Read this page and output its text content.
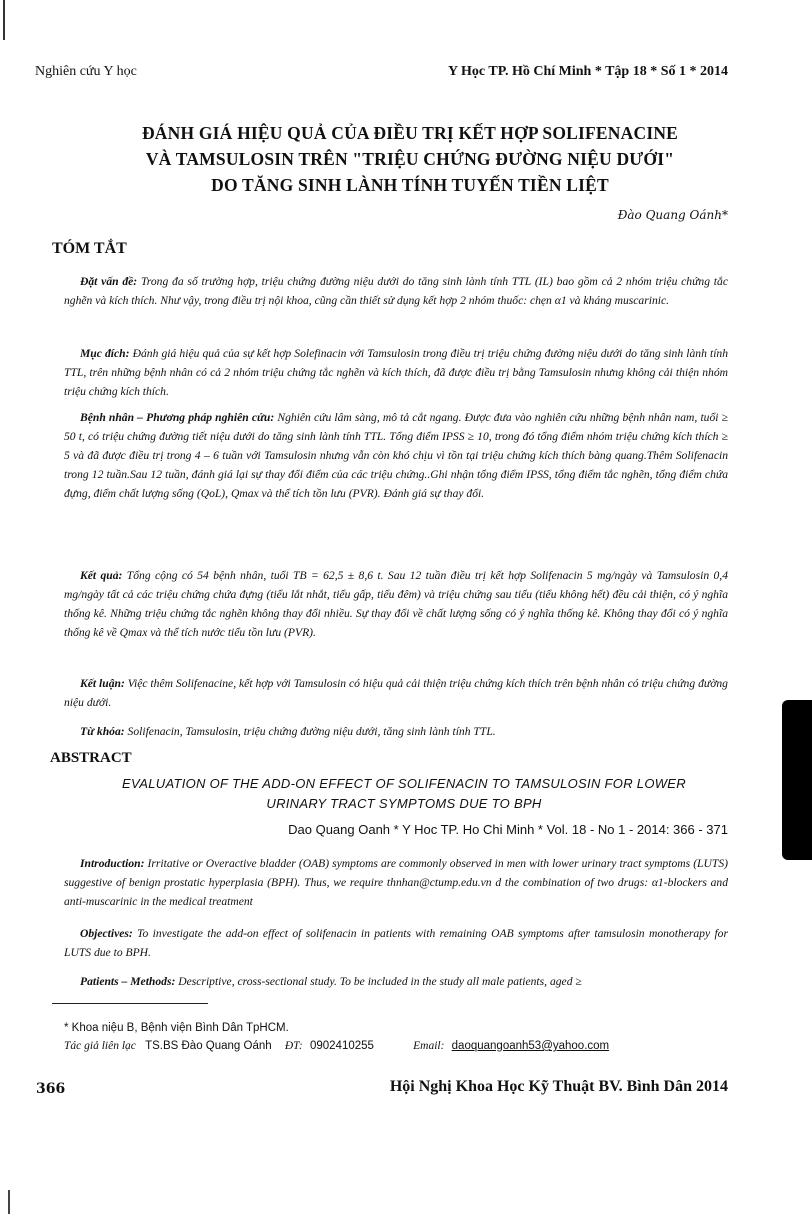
Nghiên cứu Y học	Y Học TP. Hồ Chí Minh * Tập 18 * Số 1 * 2014
ĐÁNH GIÁ HIỆU QUẢ CỦA ĐIỀU TRỊ KẾT HỢP SOLIFENACINE
VÀ TAMSULOSIN TRÊN "TRIỆU CHỨNG ĐƯỜNG NIỆU DƯỚI"
DO TĂNG SINH LÀNH TÍNH TUYẾN TIỀN LIỆT
Đào Quang Oánh*
TÓM TẮT
Đặt vấn đề: Trong đa số trường hợp, triệu chứng đường niệu dưới do tăng sinh lành tính TTL (IL) bao gồm cả 2 nhóm triệu chứng tắc nghẽn và kích thích. Như vậy, trong điều trị nội khoa, cũng cần thiết sử dụng kết hợp 2 nhóm thuốc: chẹn α1 và kháng muscarinic.
Mục đích: Đánh giá hiệu quả của sự kết hợp Solefinacin với Tamsulosin trong điều trị triệu chứng đường niệu dưới do tăng sinh lành tính TTL, trên những bệnh nhân có cả 2 nhóm triệu chứng tắc nghẽn và kích thích, đã được điều trị bằng Tamsulosin nhưng không cải thiện nhóm triệu chứng kích thích.
Bệnh nhân – Phương pháp nghiên cứu: Nghiên cứu lâm sàng, mô tả cắt ngang. Được đưa vào nghiên cứu những bệnh nhân nam, tuổi ≥ 50 t, có triệu chứng đường tiết niệu dưới do tăng sinh lành tính TTL. Tổng điểm IPSS ≥ 10, trong đó tổng điểm nhóm triệu chứng kích thích ≥ 5 và đã được điều trị trong 4 – 6 tuần với Tamsulosin nhưng vẫn còn khó chịu vì tồn tại triệu chứng kích thích bàng quang.Thêm Solifenacin trong 12 tuần.Sau 12 tuần, đánh giá lại sự thay đổi điểm của các triệu chứng..Ghi nhận tổng điểm IPSS, tổng điểm tắc nghẽn, tổng điểm chứa đựng, điểm chất lượng sống (QoL), Qmax và thể tích tồn lưu (PVR). Đánh giá sự thay đổi.
Kết quả: Tổng cộng có 54 bệnh nhân, tuổi TB = 62,5 ± 8,6 t. Sau 12 tuần điều trị kết hợp Solifenacin 5 mg/ngày và Tamsulosin 0,4 mg/ngày tất cả các triệu chứng chứa đựng (tiểu lắt nhắt, tiểu gấp, tiểu đêm) và triệu chứng sau tiểu (tiểu không hết) đều cải thiện, có ý nghĩa thống kê. Những triệu chứng tắc nghẽn không thay đổi nhiều. Sự thay đổi về chất lượng sống có ý nghĩa thống kê. Không thay đổi có ý nghĩa thống kê về Qmax và thể tích nước tiểu tồn lưu (PVR).
Kết luận: Việc thêm Solifenacine, kết hợp với Tamsulosin có hiệu quả cải thiện triệu chứng kích thích trên bệnh nhân có triệu chứng đường niệu dưới.
Từ khóa: Solifenacin, Tamsulosin, triệu chứng đường niệu dưới, tăng sinh lành tính TTL.
ABSTRACT
EVALUATION OF THE ADD-ON EFFECT OF SOLIFENACIN TO TAMSULOSIN FOR LOWER
URINARY TRACT SYMPTOMS DUE TO BPH
Dao Quang Oanh * Y Hoc TP. Ho Chi Minh * Vol. 18 - No 1 - 2014: 366 - 371
Introduction: Irritative or Overactive bladder (OAB) symptoms are commonly observed in men with lower urinary tract symptoms (LUTS) suggestive of benign prostatic hyperplasia (BPH). Thus, we require thnhan@ctump.edu.vn d the combination of two drugs: α1-blockers and anti-muscarinic in the medical treatment
Objectives: To investigate the add-on effect of solifenacin in patients with remaining OAB symptoms after tamsulosin monotherapy for LUTS due to BPH.
Patients – Methods: Descriptive, cross-sectional study. To be included in the study all male patients, aged ≥
* Khoa niệu B, Bệnh viện Bình Dân TpHCM.
Tác giả liên lạc TS.BS Đào Quang Oánh ĐT: 0902410255	Email: daoquangoanh53@yahoo.com
366	Hội Nghị Khoa Học Kỹ Thuật BV. Bình Dân 2014
